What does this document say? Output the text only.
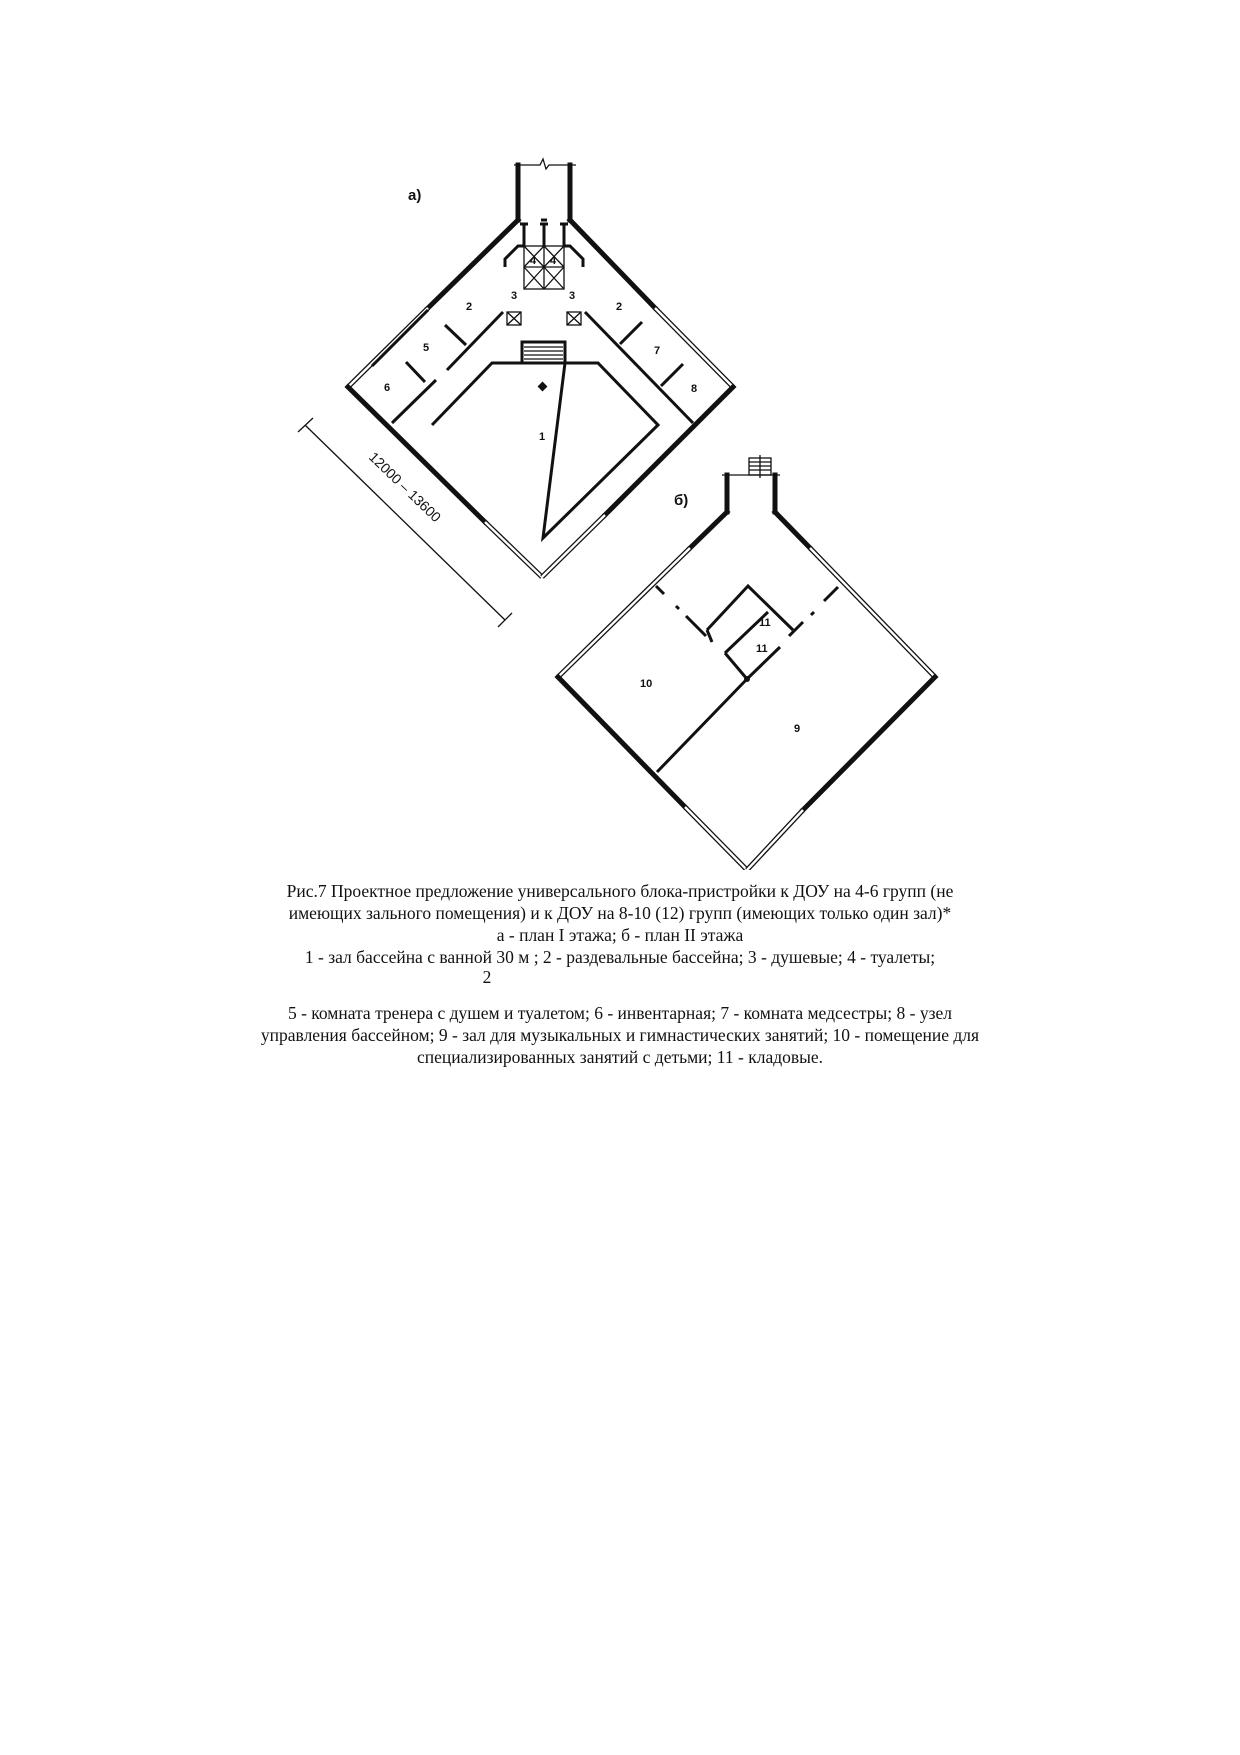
а)
1
2	2
3	3
4 4
5
6
7
8
12000 – 13600	б)
10
9
11
11

Рис.7 Проектное предложение универсального блока-пристройки к ДОУ на 4-6 групп (не

имеющих зального помещения) и к ДОУ на 8-10 (12) групп (имеющих только один зал)*

а - план I этажа; б - план II этажа

1 - зал бассейна с ванной 30 м ; 2 - раздевальные бассейна; 3 - душевые; 4 - туалеты;

2

5 - комната тренера с душем и туалетом; 6 - инвентарная; 7 - комната медсестры; 8 - узел

управления бассейном; 9 - зал для музыкальных и гимнастических занятий; 10 - помещение для

специализированных занятий с детьми; 11 - кладовые.
